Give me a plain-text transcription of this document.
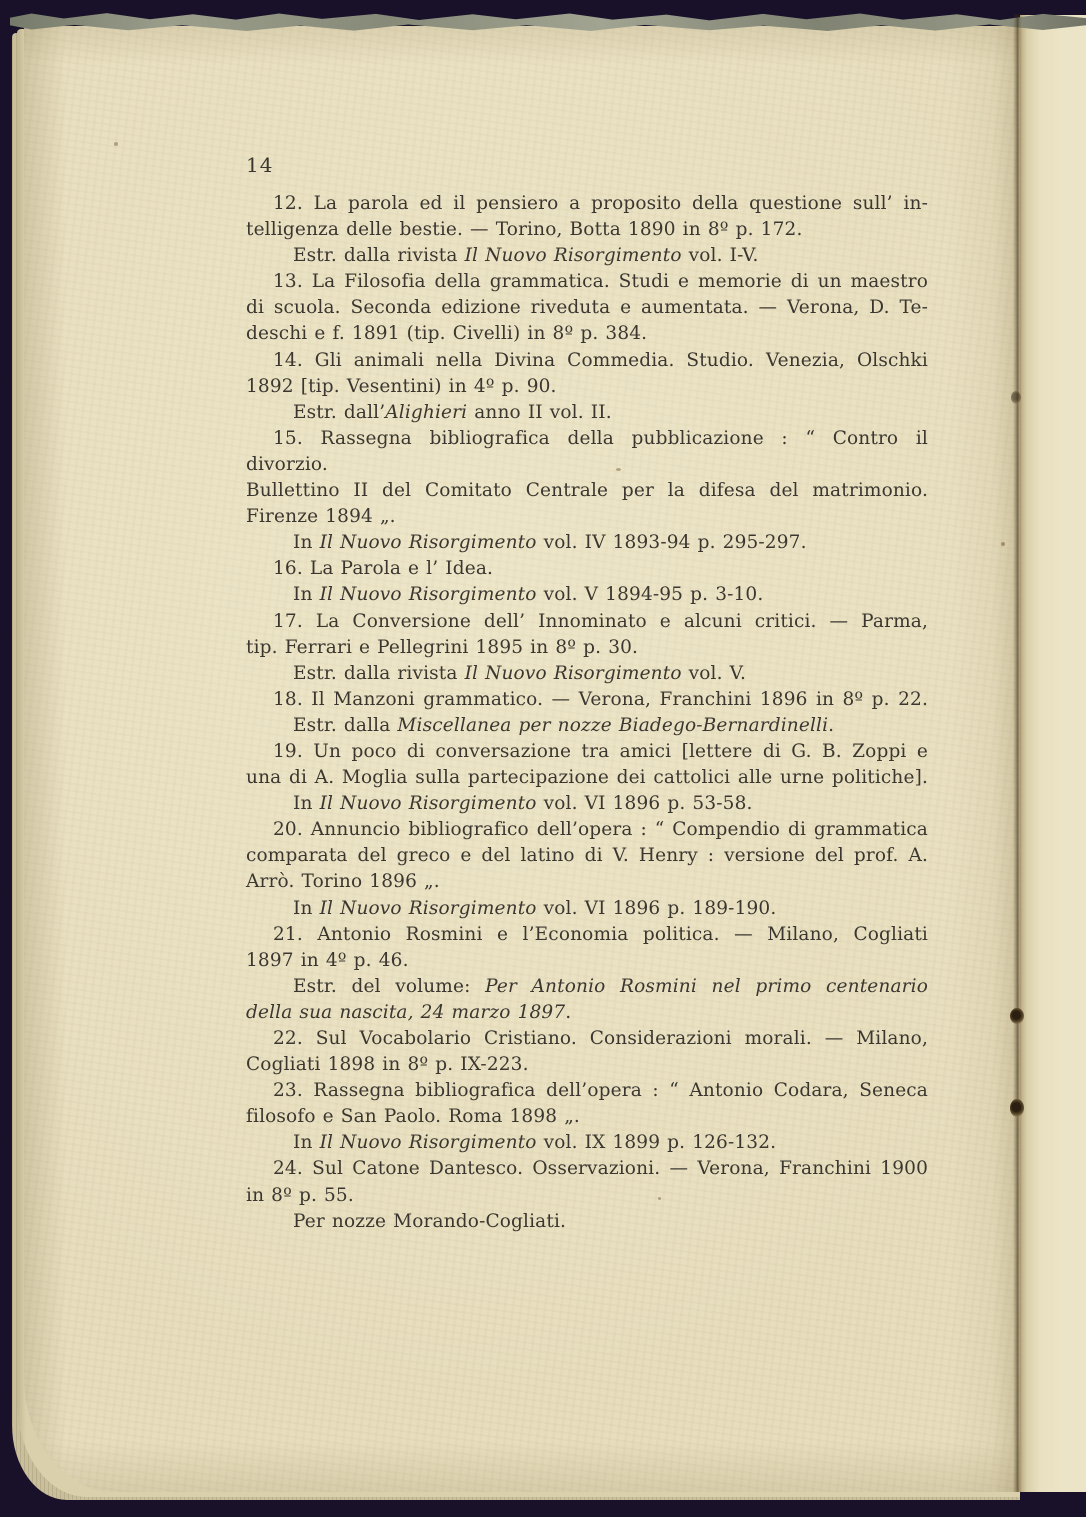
14

12. La parola ed il pensiero a proposito della questione sull’ in-

telligenza delle bestie. — Torino, Botta 1890 in 8º p. 172.

Estr. dalla rivista Il Nuovo Risorgimento vol. I-V.

13. La Filosofia della grammatica. Studi e memorie di un maestro

di scuola. Seconda edizione riveduta e aumentata. — Verona, D. Te-

deschi e f. 1891 (tip. Civelli) in 8º p. 384.

14. Gli animali nella Divina Commedia. Studio. Venezia, Olschki

1892 [tip. Vesentini) in 4º p. 90.

Estr. dall’Alighieri anno II vol. II.

15. Rassegna bibliografica della pubblicazione : “ Contro il divorzio.

Bullettino II del Comitato Centrale per la difesa del matrimonio.

Firenze 1894 „.

In Il Nuovo Risorgimento vol. IV 1893-94 p. 295-297.

16. La Parola e l’ Idea.

In Il Nuovo Risorgimento vol. V 1894-95 p. 3-10.

17. La Conversione dell’ Innominato e alcuni critici. — Parma,

tip. Ferrari e Pellegrini 1895 in 8º p. 30.

Estr. dalla rivista Il Nuovo Risorgimento vol. V.

18. Il Manzoni grammatico. — Verona, Franchini 1896 in 8º p. 22.

Estr. dalla Miscellanea per nozze Biadego-Bernardinelli.

19. Un poco di conversazione tra amici [lettere di G. B. Zoppi e

una di A. Moglia sulla partecipazione dei cattolici alle urne politiche].

In Il Nuovo Risorgimento vol. VI 1896 p. 53-58.

20. Annuncio bibliografico dell’opera : “ Compendio di grammatica

comparata del greco e del latino di V. Henry : versione del prof. A.

Arrò. Torino 1896 „.

In Il Nuovo Risorgimento vol. VI 1896 p. 189-190.

21. Antonio Rosmini e l’Economia politica. — Milano, Cogliati

1897 in 4º p. 46.

Estr. del volume: Per Antonio Rosmini nel primo centenario

della sua nascita, 24 marzo 1897.

22. Sul Vocabolario Cristiano. Considerazioni morali. — Milano,

Cogliati 1898 in 8º p. IX-223.

23. Rassegna bibliografica dell’opera : “ Antonio Codara, Seneca

filosofo e San Paolo. Roma 1898 „.

In Il Nuovo Risorgimento vol. IX 1899 p. 126-132.

24. Sul Catone Dantesco. Osservazioni. — Verona, Franchini 1900

in 8º p. 55.

Per nozze Morando-Cogliati.
